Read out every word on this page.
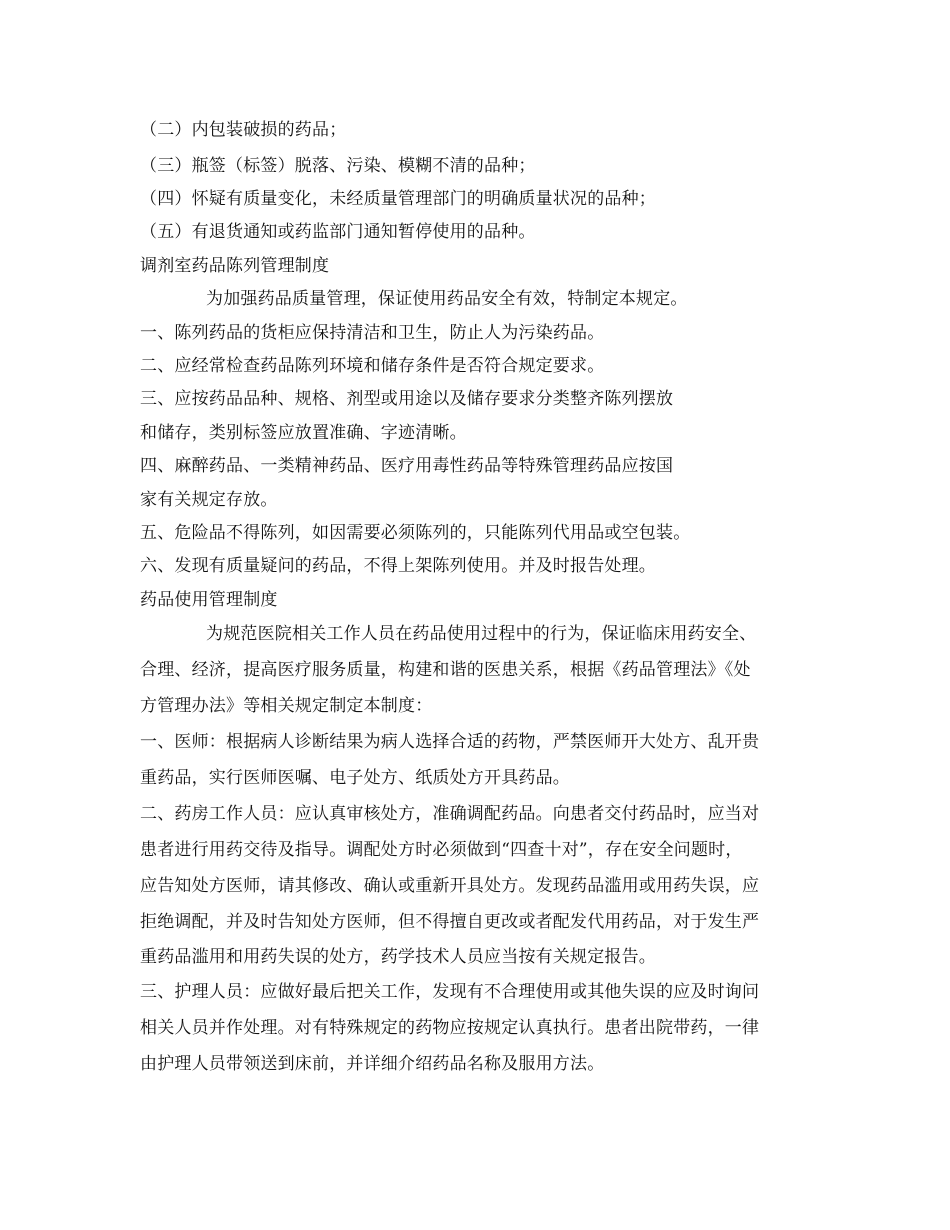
（二）内包装破损的药品；
（三）瓶签（标签）脱落、污染、模糊不清的品种；
（四）怀疑有质量变化，未经质量管理部门的明确质量状况的品种；
（五）有退货通知或药监部门通知暂停使用的品种。
调剂室药品陈列管理制度
为加强药品质量管理，保证使用药品安全有效，特制定本规定。
一、陈列药品的货柜应保持清洁和卫生，防止人为污染药品。
二、应经常检查药品陈列环境和储存条件是否符合规定要求。
三、应按药品品种、规格、剂型或用途以及储存要求分类整齐陈列摆放
和储存，类别标签应放置准确、字迹清晰。
四、麻醉药品、一类精神药品、医疗用毒性药品等特殊管理药品应按国
家有关规定存放。
五、危险品不得陈列，如因需要必须陈列的，只能陈列代用品或空包装。
六、发现有质量疑问的药品，不得上架陈列使用。并及时报告处理。
药品使用管理制度
为规范医院相关工作人员在药品使用过程中的行为，保证临床用药安全、
合理、经济，提高医疗服务质量，构建和谐的医患关系，根据《药品管理法》《处
方管理办法》等相关规定制定本制度：
一、医师：根据病人诊断结果为病人选择合适的药物，严禁医师开大处方、乱开贵
重药品，实行医师医嘱、电子处方、纸质处方开具药品。
二、药房工作人员：应认真审核处方，准确调配药品。向患者交付药品时，应当对
患者进行用药交待及指导。调配处方时必须做到“四查十对”，存在安全问题时，
应告知处方医师，请其修改、确认或重新开具处方。发现药品滥用或用药失误，应
拒绝调配，并及时告知处方医师，但不得擅自更改或者配发代用药品，对于发生严
重药品滥用和用药失误的处方，药学技术人员应当按有关规定报告。
三、护理人员：应做好最后把关工作，发现有不合理使用或其他失误的应及时询问
相关人员并作处理。对有特殊规定的药物应按规定认真执行。患者出院带药，一律
由护理人员带领送到床前，并详细介绍药品名称及服用方法。
